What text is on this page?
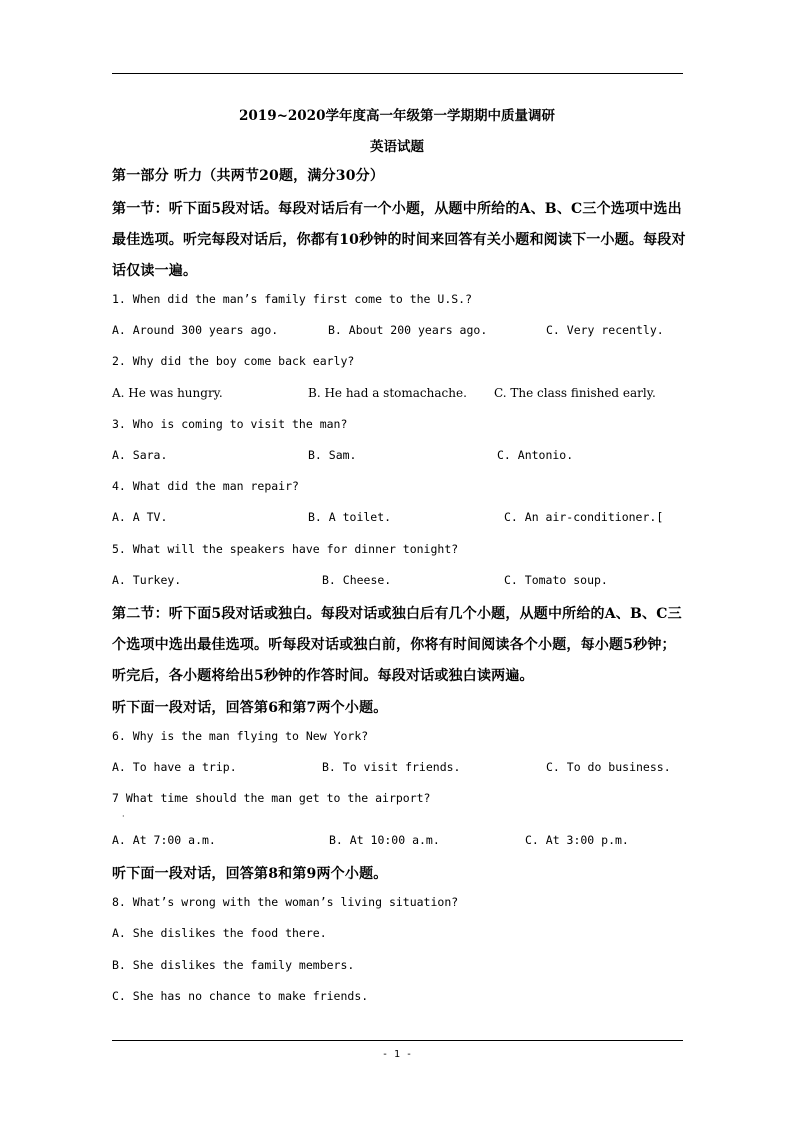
2019~2020学年度高一年级第一学期期中质量调研
英语试题
第一部分 听力（共两节20题，满分30分）
第一节：听下面5段对话。每段对话后有一个小题，从题中所给的A、B、C三个选项中选出
最佳选项。听完每段对话后，你都有10秒钟的时间来回答有关小题和阅读下一小题。每段对
话仅读一遍。
1. When did the man’s family first come to the U.S.?
A. Around 300 years ago.	B. About 200 years ago.	C. Very recently.
2. Why did the boy come back early?
A. He was hungry.	B. He had a stomachache. C. The class finished early.
3. Who is coming to visit the man?
A. Sara.	B. Sam.	C. Antonio.
4. What did the man repair?
A. A TV.	B. A toilet.	C. An air-conditioner.[
5. What will the speakers have for dinner tonight?
A. Turkey.	B. Cheese.	C. Tomato soup.
第二节：听下面5段对话或独白。每段对话或独白后有几个小题，从题中所给的A、B、C三
个选项中选出最佳选项。听每段对话或独白前，你将有时间阅读各个小题，每小题5秒钟；
听完后，各小题将给出5秒钟的作答时间。每段对话或独白读两遍。
听下面一段对话，回答第6和第7两个小题。
6. Why is the man flying to New York?
A. To have a trip.	B. To visit friends.	C. To do business.
7 What time should the man get to the airport?
·
A. At 7:00 a.m.	B. At 10:00 a.m.	C. At 3:00 p.m.
听下面一段对话，回答第8和第9两个小题。
8. What’s wrong with the woman’s living situation?
A. She dislikes the food there.
B. She dislikes the family members.
C. She has no chance to make friends.
- 1 -
